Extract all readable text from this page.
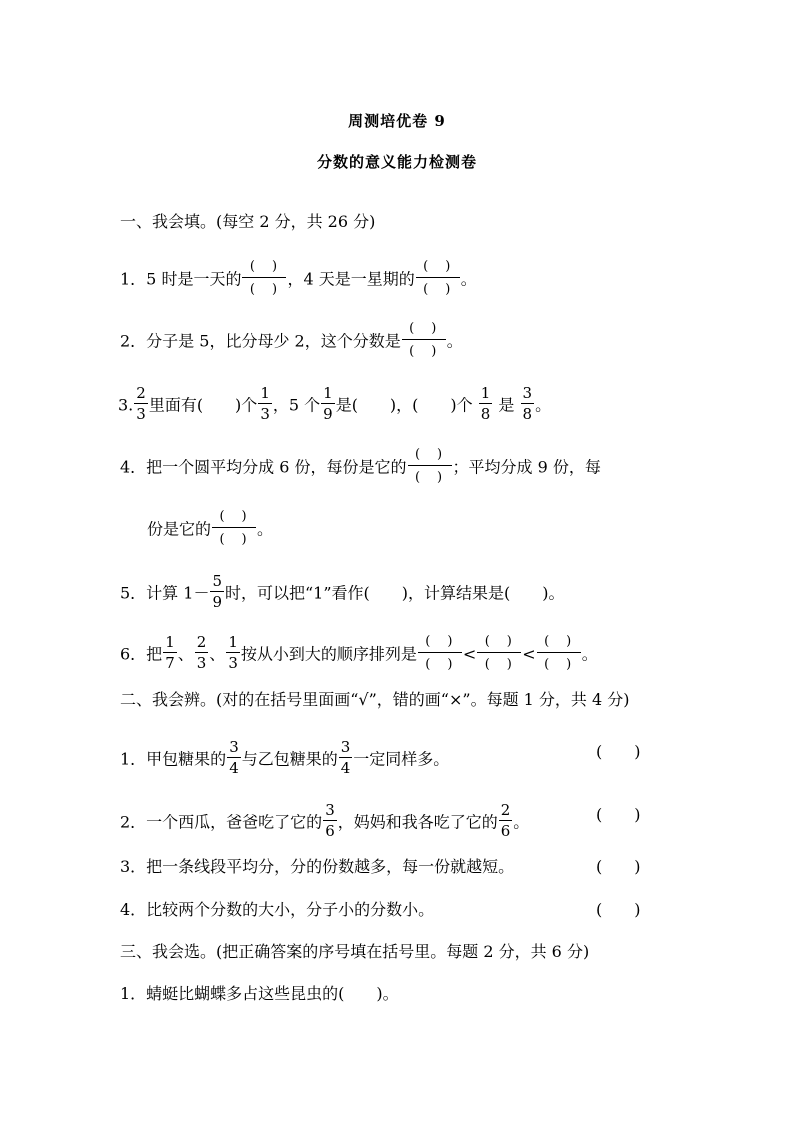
周测培优卷 9
分数的意义能力检测卷
一、我会填。(每空 2 分，共 26 分)
1．5 时是一天的 $\frac{( )}{( )}$ ，4 天是一星期的 $\frac{( )}{( )}$ 。
2．分子是 5，比分母少 2，这个分数是 $\frac{( )}{( )}$ 。
3. $\frac{2}{3}$ 里面有(　　)个 $\frac{1}{3}$ ，5 个 $\frac{1}{9}$ 是(　　)，(　　)个 $\frac{1}{8}$ 是 $\frac{3}{8}$ 。
4．把一个圆平均分成 6 份，每份是它的 $\frac{( )}{( )}$ ；平均分成 9 份，每
份是它的 $\frac{( )}{( )}$ 。
5．计算 $1- \frac{5}{9}$ 时，可以把“1”看作(　　)，计算结果是(　　)。
6．把 $\frac{1}{7}$ 、 $\frac{2}{3}$ 、 $\frac{1}{3}$ 按从小到大的顺序排列是 $\frac{( )}{( )} < \frac{( )}{( )} < \frac{( )}{( )}$ 。
二、我会辨。(对的在括号里面画“√”，错的画“×”。每题 1 分，共 4 分)
1．甲包糖果的 $\frac{3}{4}$ 与乙包糖果的 $\frac{3}{4}$ 一定同样多。	(　　)
2．一个西瓜，爸爸吃了它的 $\frac{3}{6}$ ，妈妈和我各吃了它的 $\frac{2}{6}$ 。	(　　)
3．把一条线段平均分，分的份数越多，每一份就越短。	(　　)
4．比较两个分数的大小，分子小的分数小。	(　　)
三、我会选。(把正确答案的序号填在括号里。每题 2 分，共 6 分)
1．蜻蜓比蝴蝶多占这些昆虫的(　　)。
